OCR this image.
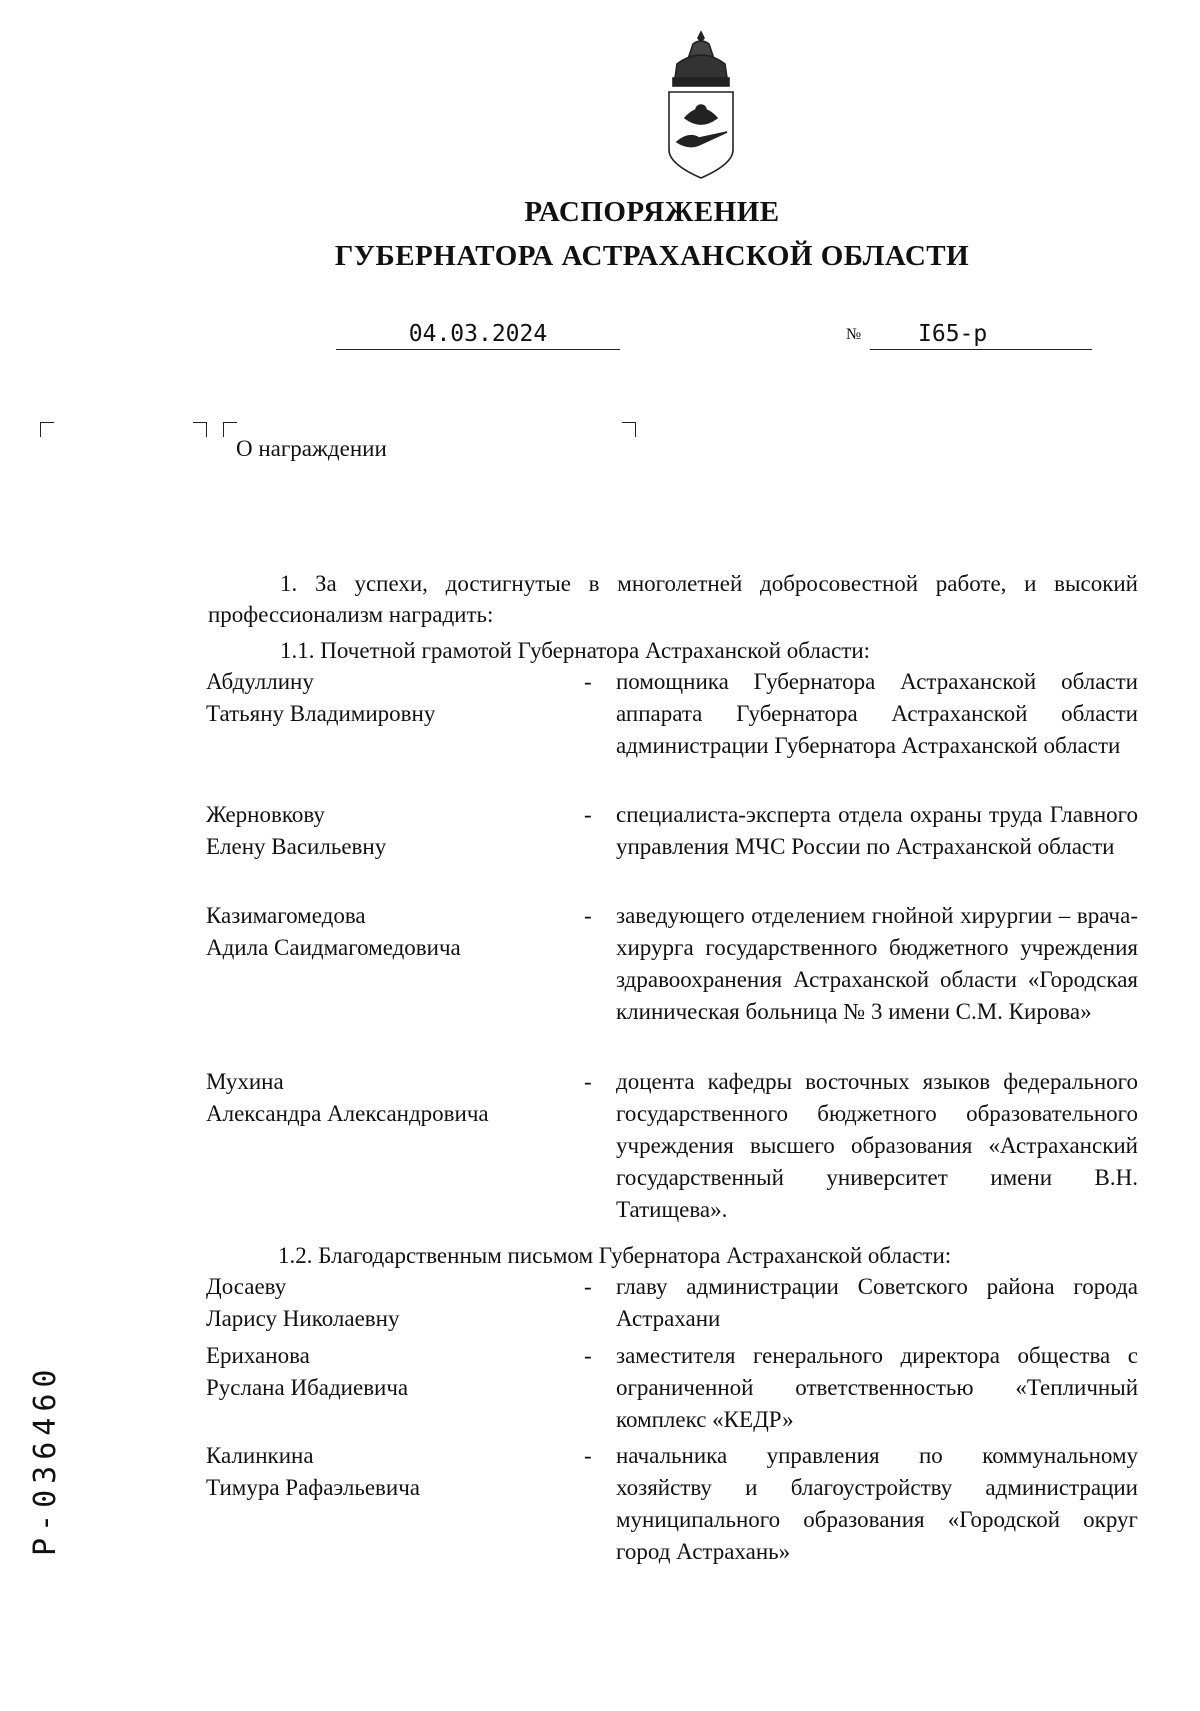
РАСПОРЯЖЕНИЕ
ГУБЕРНАТОРА АСТРАХАНСКОЙ ОБЛАСТИ
04.03.2024	№	I65-р
О награждении
1. За успехи, достигнутые в многолетней добросовестной работе, и высокий профессионализм наградить:
1.1. Почетной грамотой Губернатора Астраханской области:
Абдуллину
Татьяну Владимировну
- помощника Губернатора Астраханской области аппарата Губернатора Астраханской области администрации Губернатора Астраханской области
Жерновкову
Елену Васильевну
- специалиста-эксперта отдела охраны труда Главного управления МЧС России по Астраханской области
Казимагомедова
Адила Саидмагомедовича
- заведующего отделением гнойной хирургии – врача-хирурга государственного бюджетного учреждения здравоохранения Астраханской области «Городская клиническая больница № 3 имени С.М. Кирова»
Мухина
Александра Александровича
- доцента кафедры восточных языков федерального государственного бюджетного образовательного учреждения высшего образования «Астраханский государственный университет имени В.Н. Татищева».
1.2. Благодарственным письмом Губернатора Астраханской области:
Досаеву
Ларису Николаевну
- главу администрации Советского района города Астрахани
Ериханова
Руслана Ибадиевича
- заместителя генерального директора общества с ограниченной ответственностью «Тепличный комплекс «КЕДР»
Калинкина
Тимура Рафаэльевича
- начальника управления по коммунальному хозяйству и благоустройству администрации муниципального образования «Городской округ город Астрахань»
Р-036460
